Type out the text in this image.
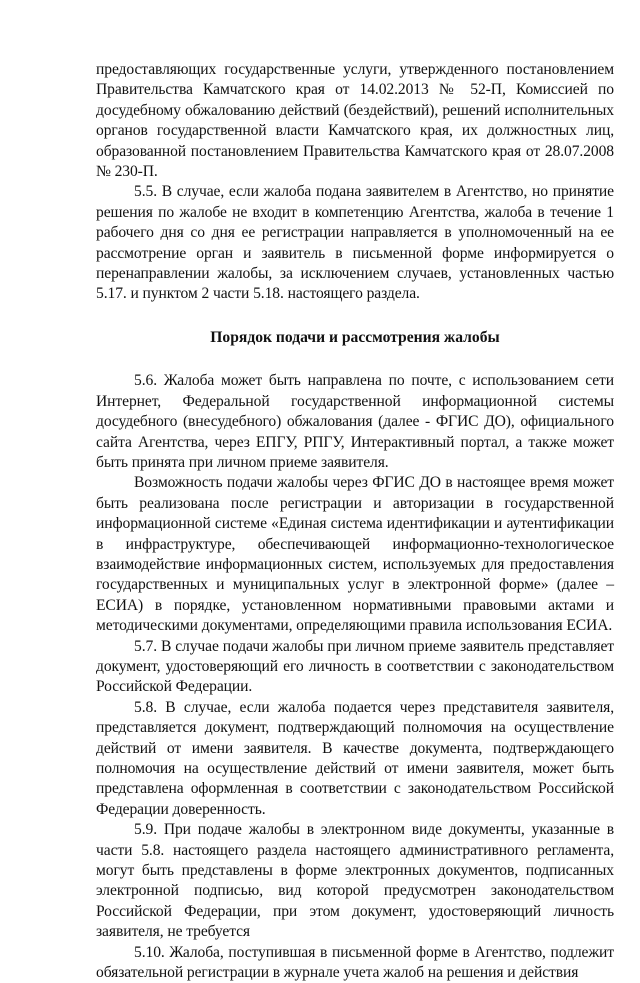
предоставляющих государственные услуги, утвержденного постановлением Правительства Камчатского края от 14.02.2013 № 52-П, Комиссией по досудебному обжалованию действий (бездействий), решений исполнительных органов государственной власти Камчатского края, их должностных лиц, образованной постановлением Правительства Камчатского края от 28.07.2008 № 230-П.

5.5. В случае, если жалоба подана заявителем в Агентство, но принятие решения по жалобе не входит в компетенцию Агентства, жалоба в течение 1 рабочего дня со дня ее регистрации направляется в уполномоченный на ее рассмотрение орган и заявитель в письменной форме информируется о перенаправлении жалобы, за исключением случаев, установленных частью 5.17. и пунктом 2 части 5.18. настоящего раздела.

Порядок подачи и рассмотрения жалобы

5.6. Жалоба может быть направлена по почте, с использованием сети Интернет, Федеральной государственной информационной системы досудебного (внесудебного) обжалования (далее - ФГИС ДО), официального сайта Агентства, через ЕПГУ, РПГУ, Интерактивный портал, а также может быть принята при личном приеме заявителя.

Возможность подачи жалобы через ФГИС ДО в настоящее время может быть реализована после регистрации и авторизации в государственной информационной системе «Единая система идентификации и аутентификации в инфраструктуре, обеспечивающей информационно-технологическое взаимодействие информационных систем, используемых для предоставления государственных и муниципальных услуг в электронной форме» (далее – ЕСИА) в порядке, установленном нормативными правовыми актами и методическими документами, определяющими правила использования ЕСИА.

5.7. В случае подачи жалобы при личном приеме заявитель представляет документ, удостоверяющий его личность в соответствии с законодательством Российской Федерации.

5.8. В случае, если жалоба подается через представителя заявителя, представляется документ, подтверждающий полномочия на осуществление действий от имени заявителя. В качестве документа, подтверждающего полномочия на осуществление действий от имени заявителя, может быть представлена оформленная в соответствии с законодательством Российской Федерации доверенность.

5.9. При подаче жалобы в электронном виде документы, указанные в части 5.8. настоящего раздела настоящего административного регламента, могут быть представлены в форме электронных документов, подписанных электронной подписью, вид которой предусмотрен законодательством Российской Федерации, при этом документ, удостоверяющий личность заявителя, не требуется

5.10. Жалоба, поступившая в письменной форме в Агентство, подлежит обязательной регистрации в журнале учета жалоб на решения и действия
